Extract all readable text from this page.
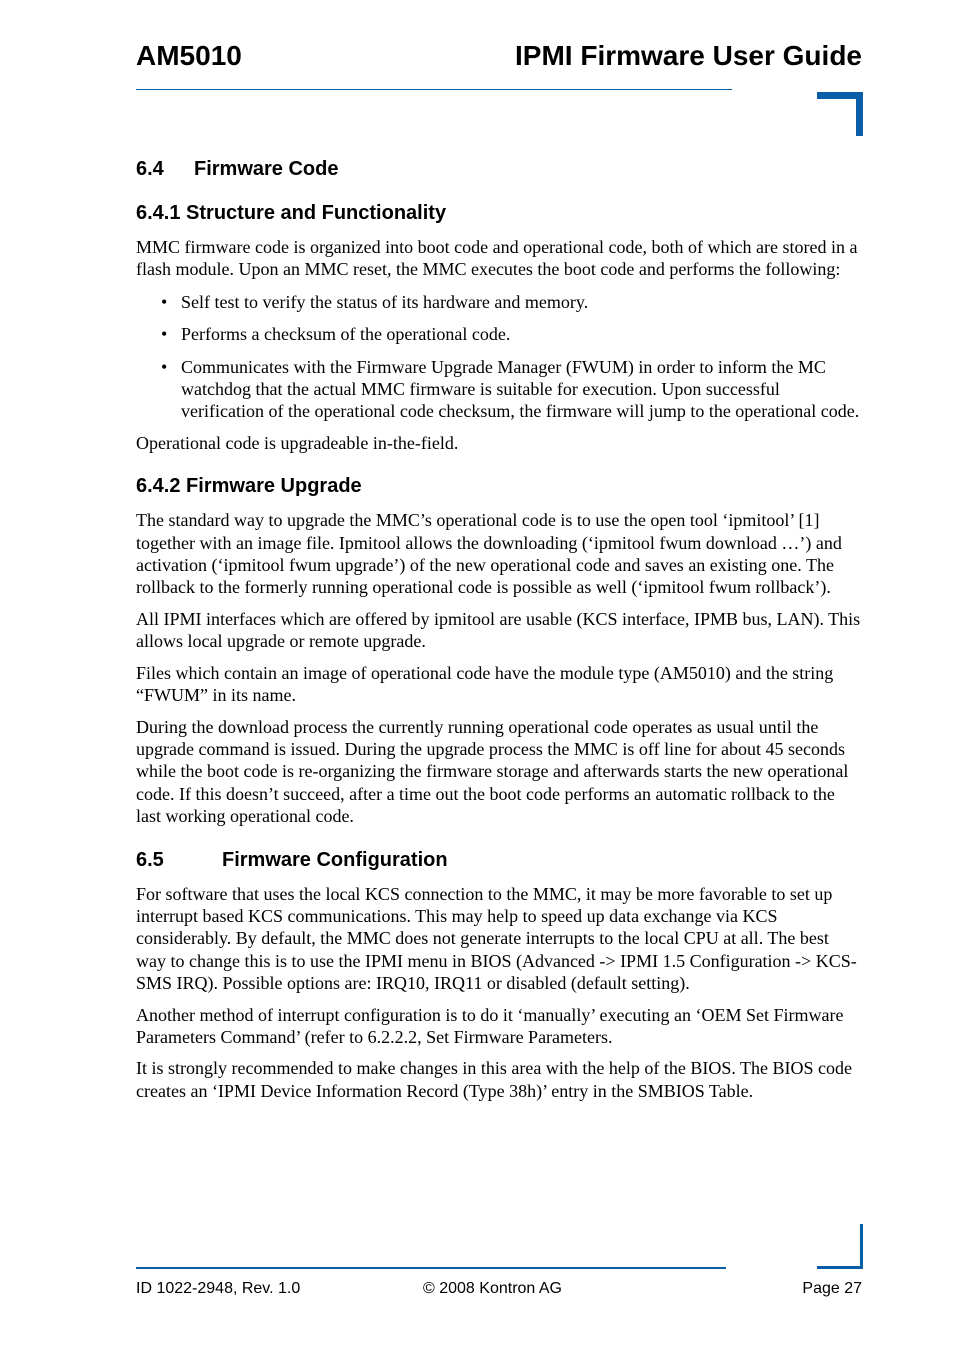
AM5010	IPMI Firmware User Guide
6.4 Firmware Code
6.4.1 Structure and Functionality

MMC firmware code is organized into boot code and operational code, both of which are stored in a flash module. Upon an MMC reset, the MMC executes the boot code and performs the following:

• Self test to verify the status of its hardware and memory.
• Performs a checksum of the operational code.
• Communicates with the Firmware Upgrade Manager (FWUM) in order to inform the MC watchdog that the actual MMC firmware is suitable for execution. Upon successful verification of the operational code checksum, the firmware will jump to the operational code.

Operational code is upgradeable in-the-field.

6.4.2 Firmware Upgrade

The standard way to upgrade the MMC’s operational code is to use the open tool ‘ipmitool’ [1] together with an image file. Ipmitool allows the downloading (‘ipmitool fwum download …’) and activation (‘ipmitool fwum upgrade’) of the new operational code and saves an existing one. The rollback to the formerly running operational code is possible as well (‘ipmitool fwum rollback’).

All IPMI interfaces which are offered by ipmitool are usable (KCS interface, IPMB bus, LAN). This allows local upgrade or remote upgrade.

Files which contain an image of operational code have the module type (AM5010) and the string “FWUM” in its name.

During the download process the currently running operational code operates as usual until the upgrade command is issued. During the upgrade process the MMC is off line for about 45 seconds while the boot code is re-organizing the firmware storage and afterwards starts the new operational code. If this doesn’t succeed, after a time out the boot code performs an automatic rollback to the last working operational code.

6.5	Firmware Configuration

For software that uses the local KCS connection to the MMC, it may be more favorable to set up interrupt based KCS communications. This may help to speed up data exchange via KCS considerably. By default, the MMC does not generate interrupts to the local CPU at all. The best way to change this is to use the IPMI menu in BIOS (Advanced -> IPMI 1.5 Configuration -> KCS-SMS IRQ). Possible options are: IRQ10, IRQ11 or disabled (default setting).

Another method of interrupt configuration is to do it ‘manually’ executing an ‘OEM Set Firmware Parameters Command’ (refer to 6.2.2.2, Set Firmware Parameters.

It is strongly recommended to make changes in this area with the help of the BIOS. The BIOS code creates an ‘IPMI Device Information Record (Type 38h)’ entry in the SMBIOS Table.

ID 1022-2948, Rev. 1.0	© 2008 Kontron AG	Page 27
